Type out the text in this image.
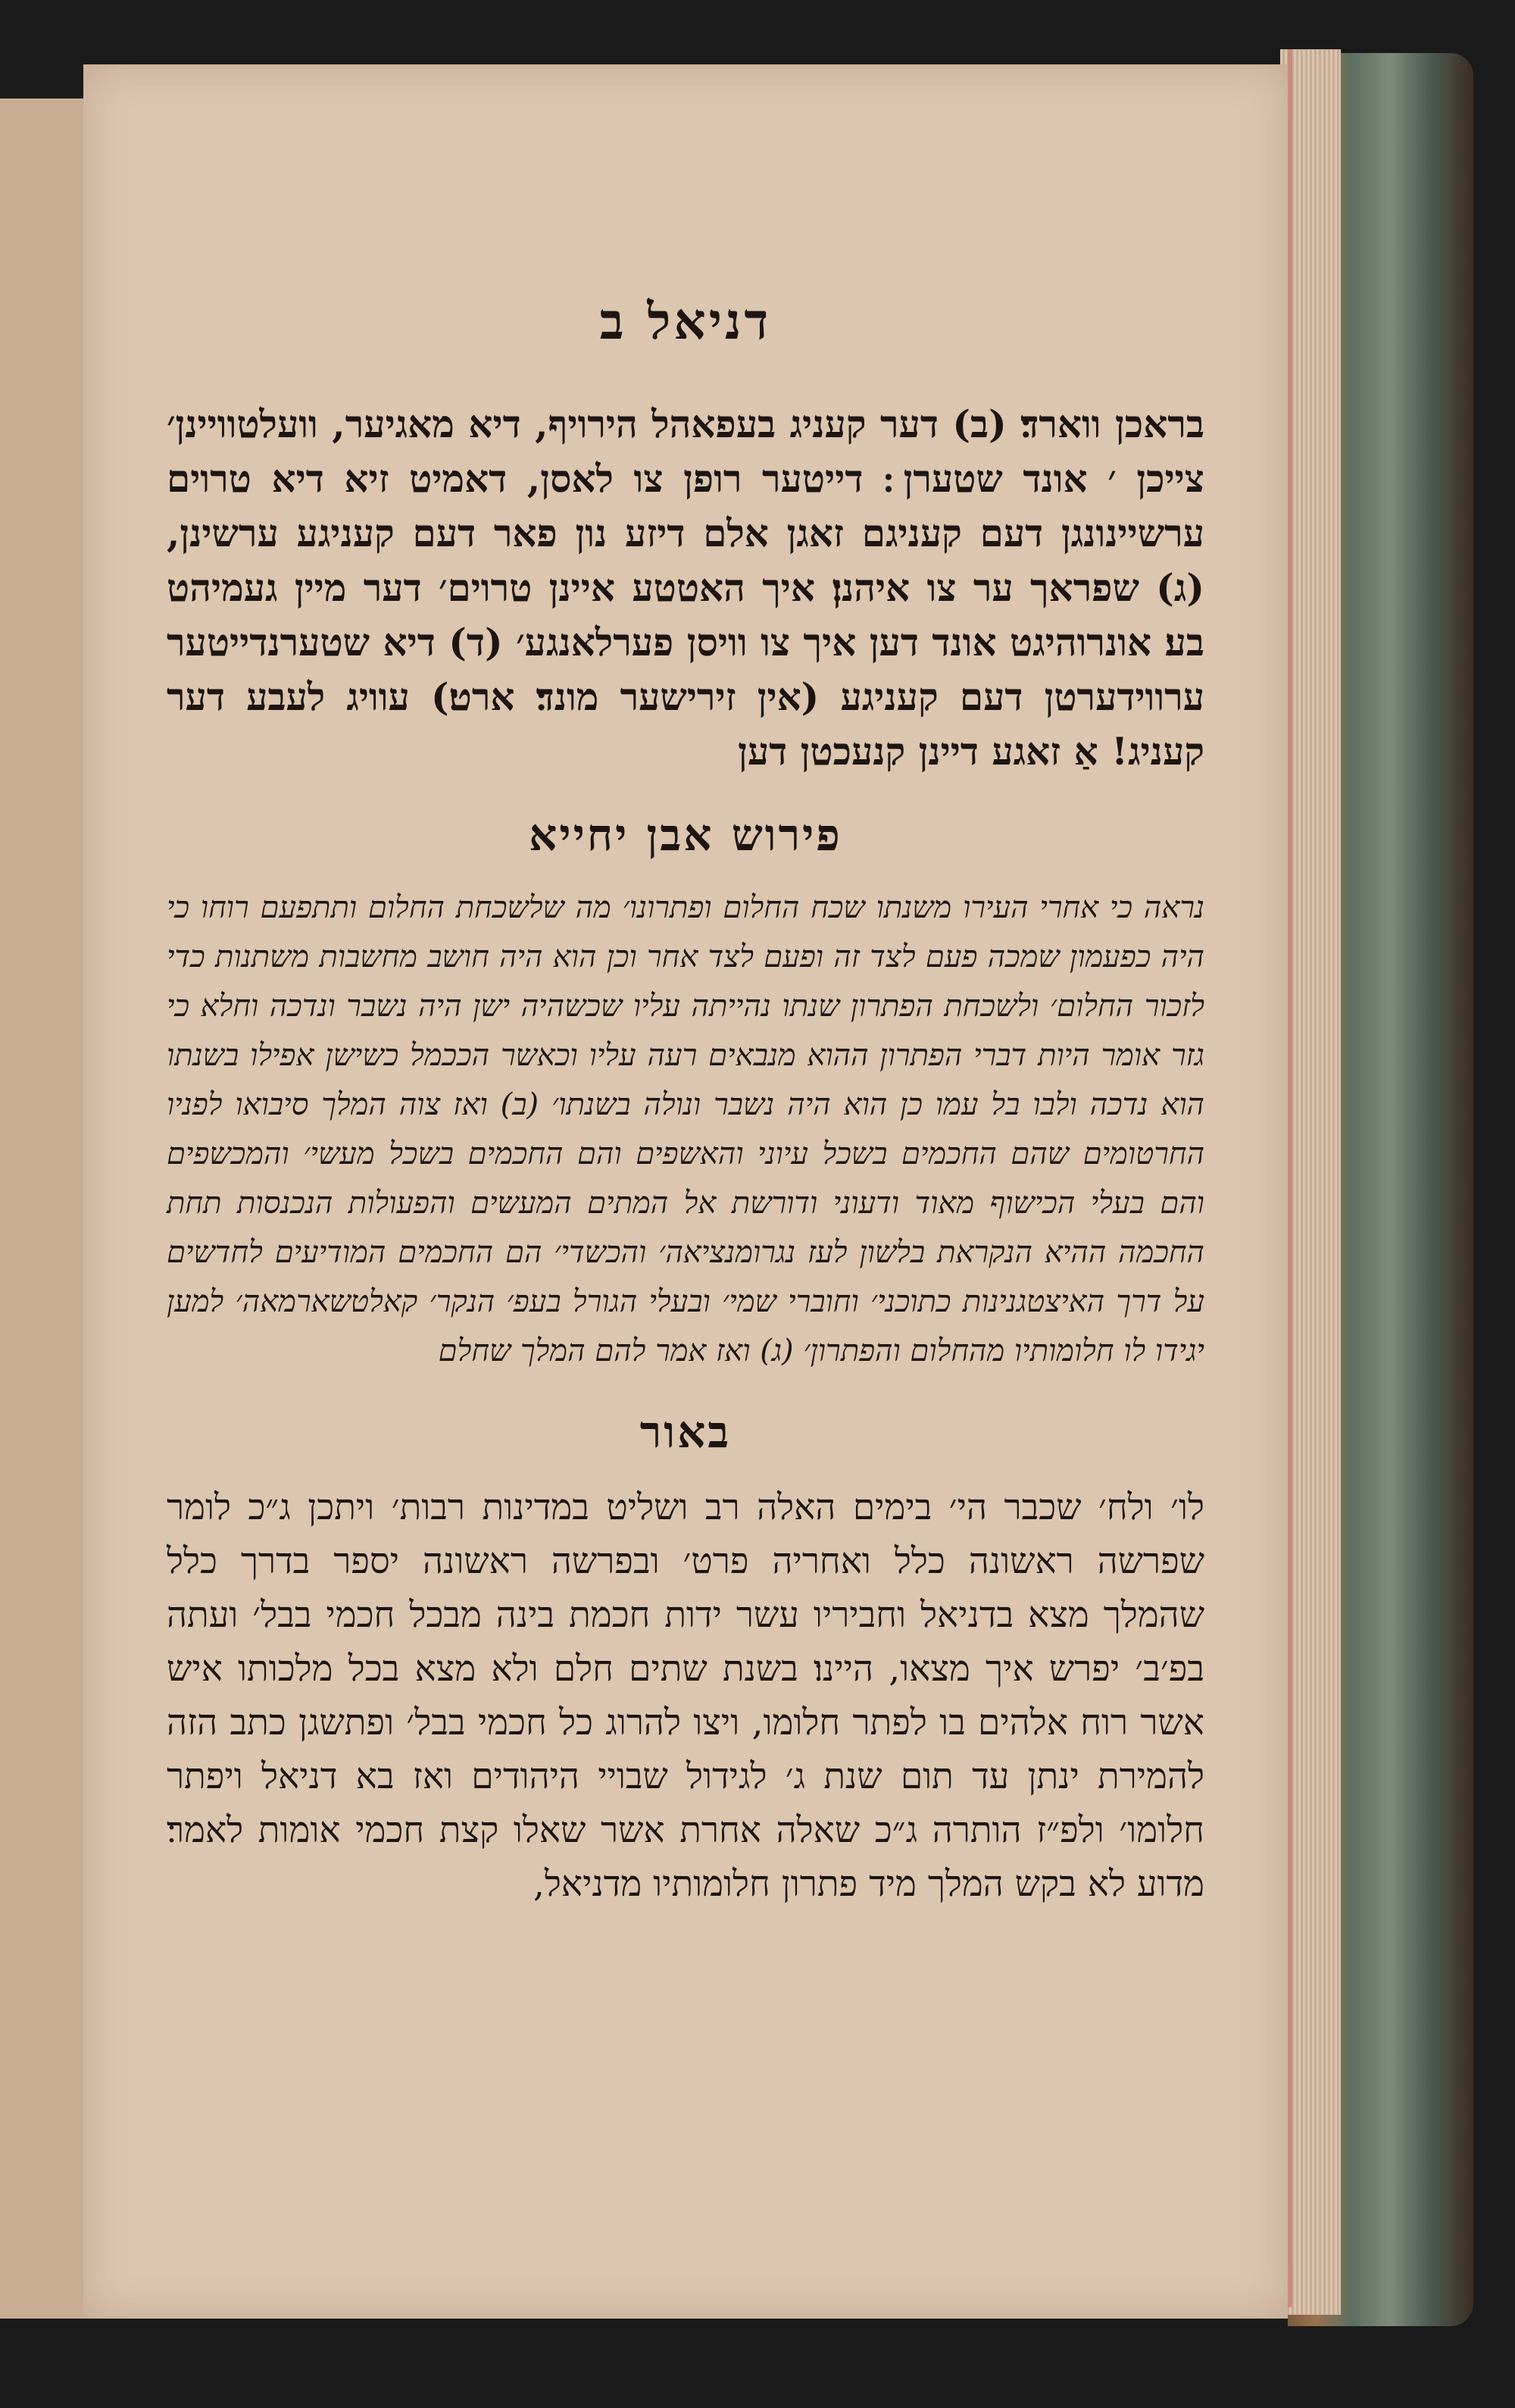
דניאל ב

בראכן ווארד׃ (ב) דער קעניג בעפאהל הירויף, דיא מאגיער, וועלטוויינן׳ צייכן ׳ אונד שטערן ׃ דייטער רופן צו לאסן, דאמיט זיא דיא טרוים ערשיינונגן דעם קעניגם זאגן אלם דיזע נון פאר דעם קעניגע ערשינן, (ג) שפראך ער צו איהנן׃ איך האטטע איינן טרוים׳ דער מיין געמיהט בע׃ אונרוהיגט אונד דען איך צו וויסן פערלאנגע׳ (ד) דיא שטערנדייטער ערווידערטן דעם קעניגע (אין זירישער מונד׃ ארט׃) עוויג לעבע דער קעניג! אַ זאגע דיינן קנעכטן דען

פירוש אבן יחייא

נראה כי אחרי העירו משנתו שכח החלום ופתרונו׳ מה שלשכחת החלום ותתפעם רוחו כי היה כפעמון שמכה פעם לצד זה ופעם לצד אחר וכן הוא היה חושב מחשבות משתנות כדי לזכור החלום׳ ולשכחת הפתרון שנתו נהייתה עליו שכשהיה ישן היה נשבר ונדכה וחלא כי גזר אומר היות דברי הפתרון ההוא מנבאים רעה עליו וכאשר הככמל כשישן אפילו בשנתו הוא נדכה ולבו בל עמו כן הוא היה נשבר ונולה בשנתו׳ (ב) ואז צוה המלך סיבואו לפניו החרטומים שהם החכמים בשכל עיוני והאשפים והם החכמים בשכל מעשי׳ והמכשפים והם בעלי הכישוף מאוד ודעוני ודורשת אל המתים המעשים והפעולות הנכנסות תחת החכמה ההיא הנקראת בלשון לעז נגרומנציאה׳ והכשדי׳ הם החכמים המודיעים לחדשים על דרך האיצטגנינות כתוכני׳ וחוברי שמי׳ ובעלי הגורל בעפ׳ הנקר׳ קאלטשארמאה׳ למען יגידו לו חלומותיו מהחלום והפתרון׳ (ג) ואז אמר להם המלך שחלם

באור

לו׳ ולח׳ שכבר הי׳ בימים האלה רב ושליט במדינות רבות׳ ויתכן ג״כ לומר שפרשה ראשונה כלל ואחריה פרט׳ ובפרשה ראשונה יספר בדרך כלל שהמלך מצא בדניאל וחביריו עשר ידות חכמת בינה מבכל חכמי בבל׳ ועתה בפ׳ב׳ יפרש איך מצאו, היינו׃ בשנת שתים חלם ולא מצא בכל מלכותו איש אשר רוח אלהים בו לפתר חלומו, ויצו להרוג כל חכמי בבל׳ ופתשגן כתב הזה להמירת ינתן עד תום שנת ג׳ לגידול שבויי היהודים ואז בא דניאל ויפתר חלומו׳ ולפ״ז הותרה ג״כ שאלה אחרת אשר שאלו קצת חכמי אומות לאמר׃ מדוע לא בקש המלך מיד פתרון חלומותיו מדניאל,
